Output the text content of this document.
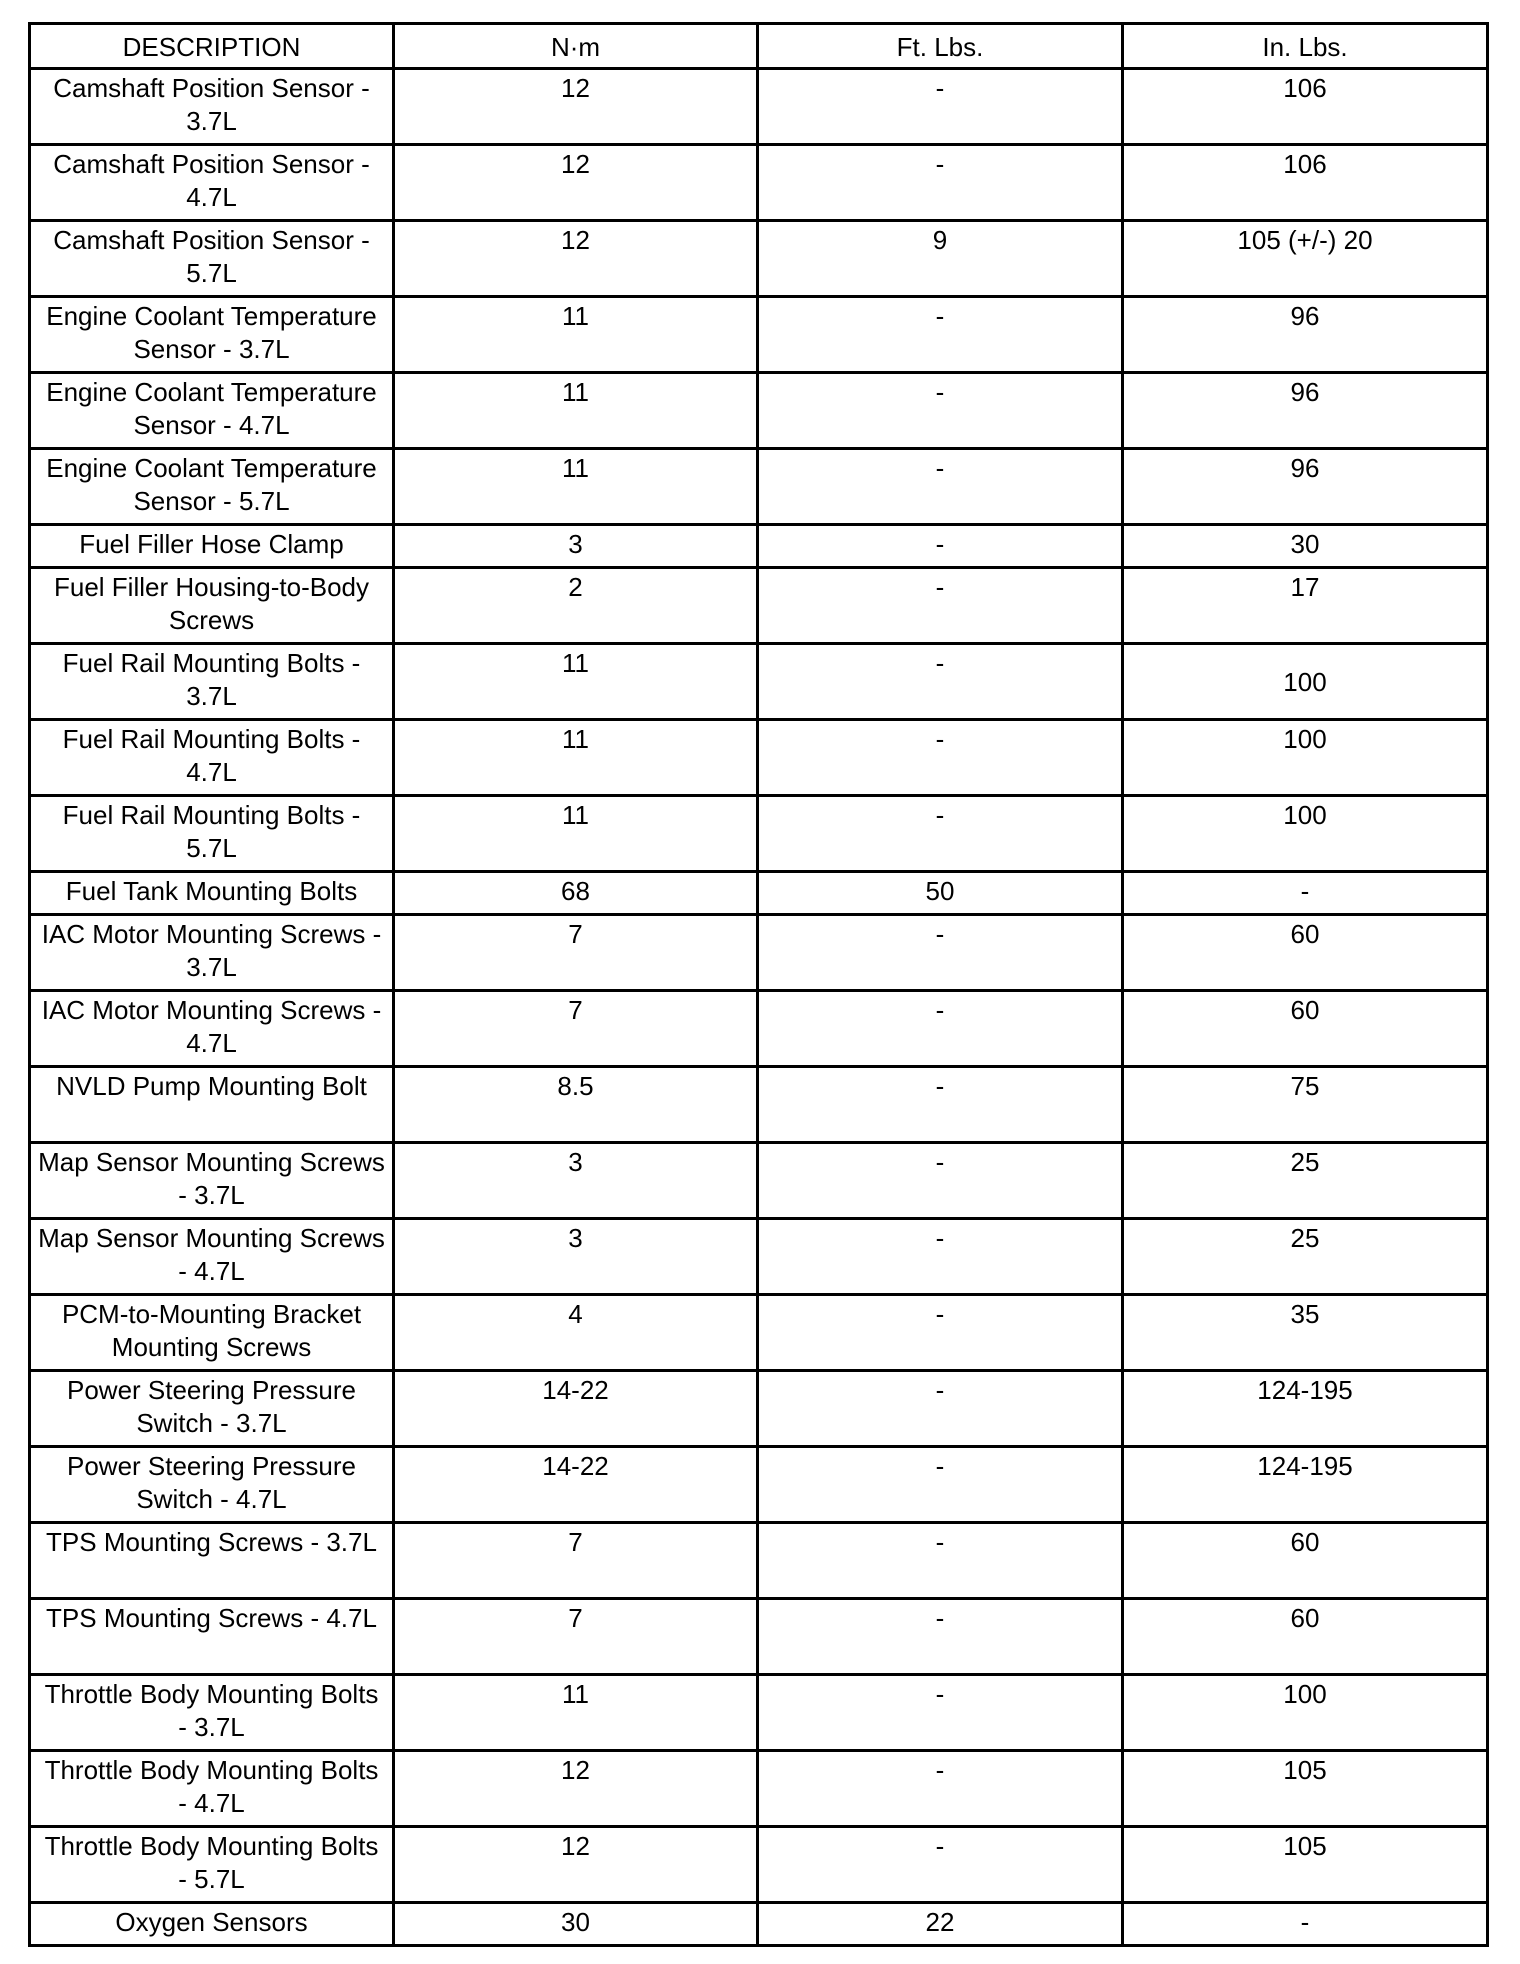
DESCRIPTION	N·m	Ft. Lbs.	In. Lbs.
Camshaft Position Sensor - 3.7L	12	-	106
Camshaft Position Sensor - 4.7L	12	-	106
Camshaft Position Sensor - 5.7L	12	9	105 (+/-) 20
Engine Coolant Temperature Sensor - 3.7L	11	-	96
Engine Coolant Temperature Sensor - 4.7L	11	-	96
Engine Coolant Temperature Sensor - 5.7L	11	-	96
Fuel Filler Hose Clamp	3	-	30
Fuel Filler Housing-to-Body Screws	2	-	17
Fuel Rail Mounting Bolts - 3.7L	11	-	100
Fuel Rail Mounting Bolts - 4.7L	11	-	100
Fuel Rail Mounting Bolts - 5.7L	11	-	100
Fuel Tank Mounting Bolts	68	50	-
IAC Motor Mounting Screws - 3.7L	7	-	60
IAC Motor Mounting Screws - 4.7L	7	-	60
NVLD Pump Mounting Bolt	8.5	-	75
Map Sensor Mounting Screws - 3.7L	3	-	25
Map Sensor Mounting Screws - 4.7L	3	-	25
PCM-to-Mounting Bracket Mounting Screws	4	-	35
Power Steering Pressure Switch - 3.7L	14-22	-	124-195
Power Steering Pressure Switch - 4.7L	14-22	-	124-195
TPS Mounting Screws - 3.7L	7	-	60
TPS Mounting Screws - 4.7L	7	-	60
Throttle Body Mounting Bolts - 3.7L	11	-	100
Throttle Body Mounting Bolts - 4.7L	12	-	105
Throttle Body Mounting Bolts - 5.7L	12	-	105
Oxygen Sensors	30	22	-
